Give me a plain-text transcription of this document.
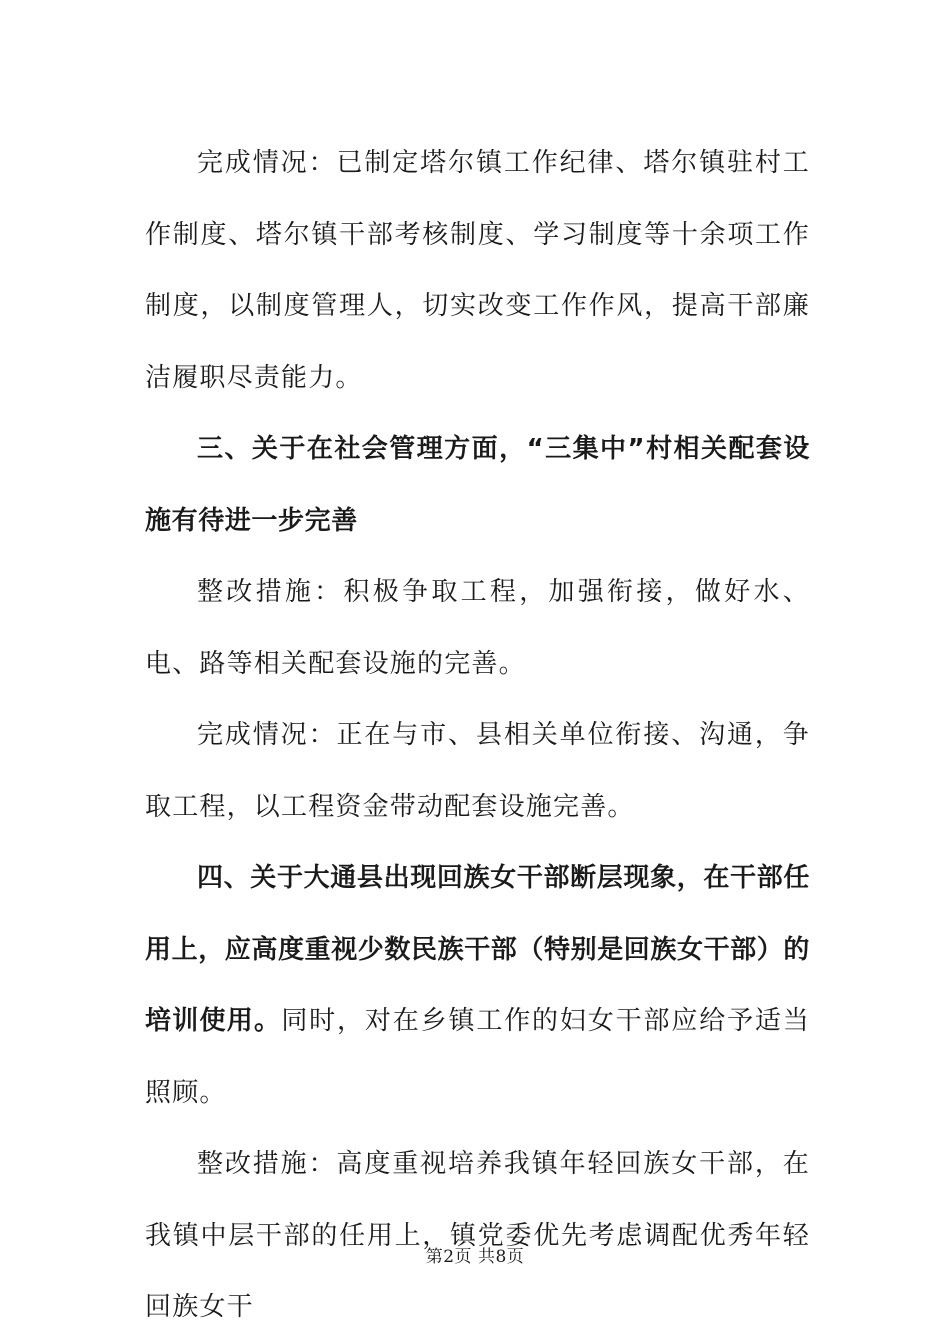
完成情况：已制定塔尔镇工作纪律、塔尔镇驻村工作制度、塔尔镇干部考核制度、学习制度等十余项工作制度，以制度管理人，切实改变工作作风，提高干部廉洁履职尽责能力。

三、关于在社会管理方面，“三集中”村相关配套设施有待进一步完善

整改措施：积极争取工程，加强衔接，做好水、电、路等相关配套设施的完善。

完成情况：正在与市、县相关单位衔接、沟通，争取工程，以工程资金带动配套设施完善。

四、关于大通县出现回族女干部断层现象，在干部任用上，应高度重视少数民族干部（特别是回族女干部）的培训使用。同时，对在乡镇工作的妇女干部应给予适当照顾。

整改措施：高度重视培养我镇年轻回族女干部，在我镇中层干部的任用上，镇党委优先考虑调配优秀年轻回族女干

第2页 共8页
